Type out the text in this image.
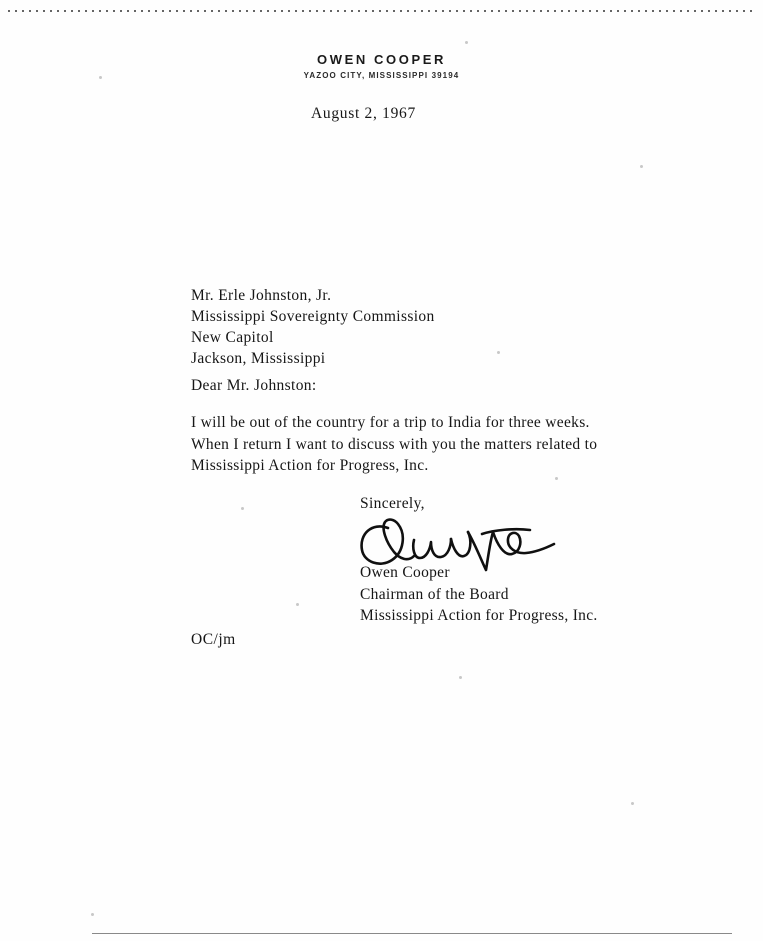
OWEN COOPER
YAZOO CITY, MISSISSIPPI 39194
August 2, 1967
Mr. Erle Johnston, Jr.
Mississippi Sovereignty Commission
New Capitol
Jackson, Mississippi
Dear Mr. Johnston:
I will be out of the country for a trip to India for three weeks. When I return I want to discuss with you the matters related to Mississippi Action for Progress, Inc.
Sincerely,
Owen Cooper
Chairman of the Board
Mississippi Action for Progress, Inc.
OC/jm
